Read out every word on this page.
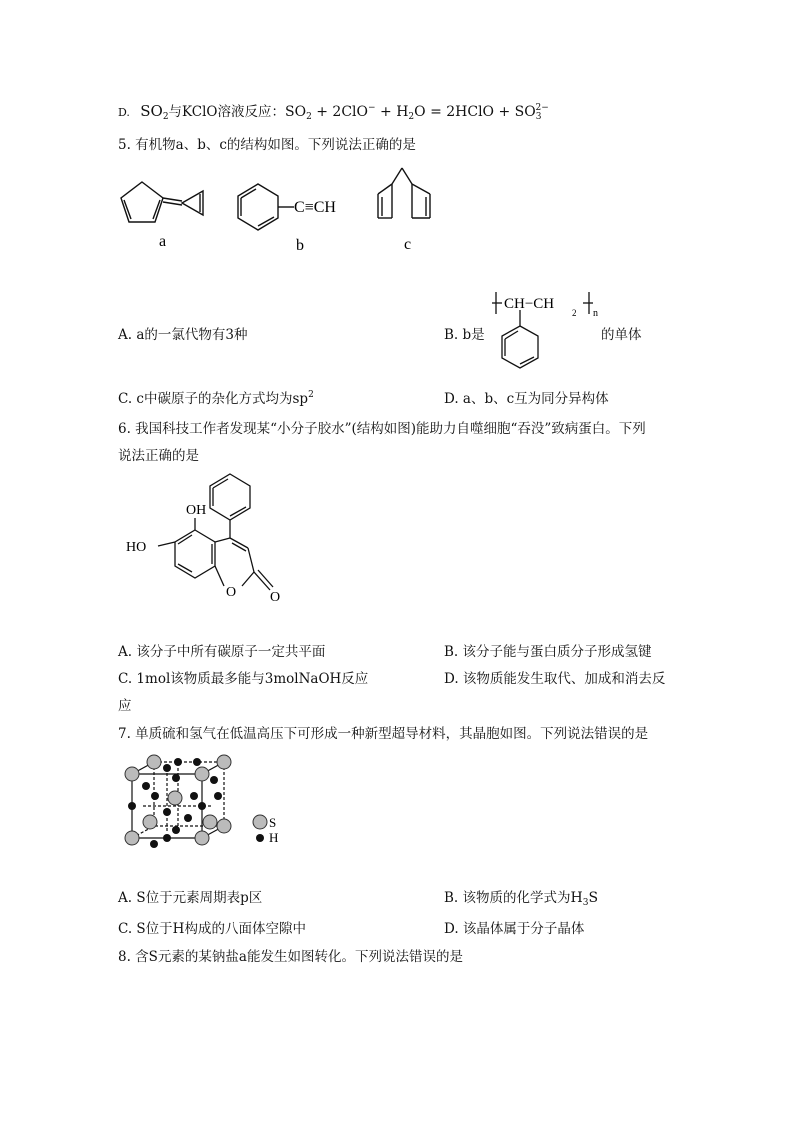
D. $SO_2$与KClO溶液反应：$SO_2 + 2ClO^- + H_2O$ = 2HClO + $SO_3^{2-}$
5. 有机物a、b、c的结构如图。下列说法正确的是
a
C≡CH
b	c
A. a的一氯代物有3种	B. b是
CH−CH
2 n
的单体
C. c中碳原子的杂化方式均为$sp^2$	D. a、b、c互为同分异构体
6. 我国科技工作者发现某“小分子胶水”(结构如图)能助力自噬细胞“吞没”致病蛋白。下列
说法正确的是
OH
HO
O O
A. 该分子中所有碳原子一定共平面	B. 该分子能与蛋白质分子形成氢键
C. 1mol该物质最多能与3molNaOH反应	D. 该物质能发生取代、加成和消去反
应
7. 单质硫和氢气在低温高压下可形成一种新型超导材料，其晶胞如图。下列说法错误的是
S
H
A. S位于元素周期表p区	B. 该物质的化学式为$H_3S$
C. S位于H构成的八面体空隙中	D. 该晶体属于分子晶体
8. 含S元素的某钠盐a能发生如图转化。下列说法错误的是
